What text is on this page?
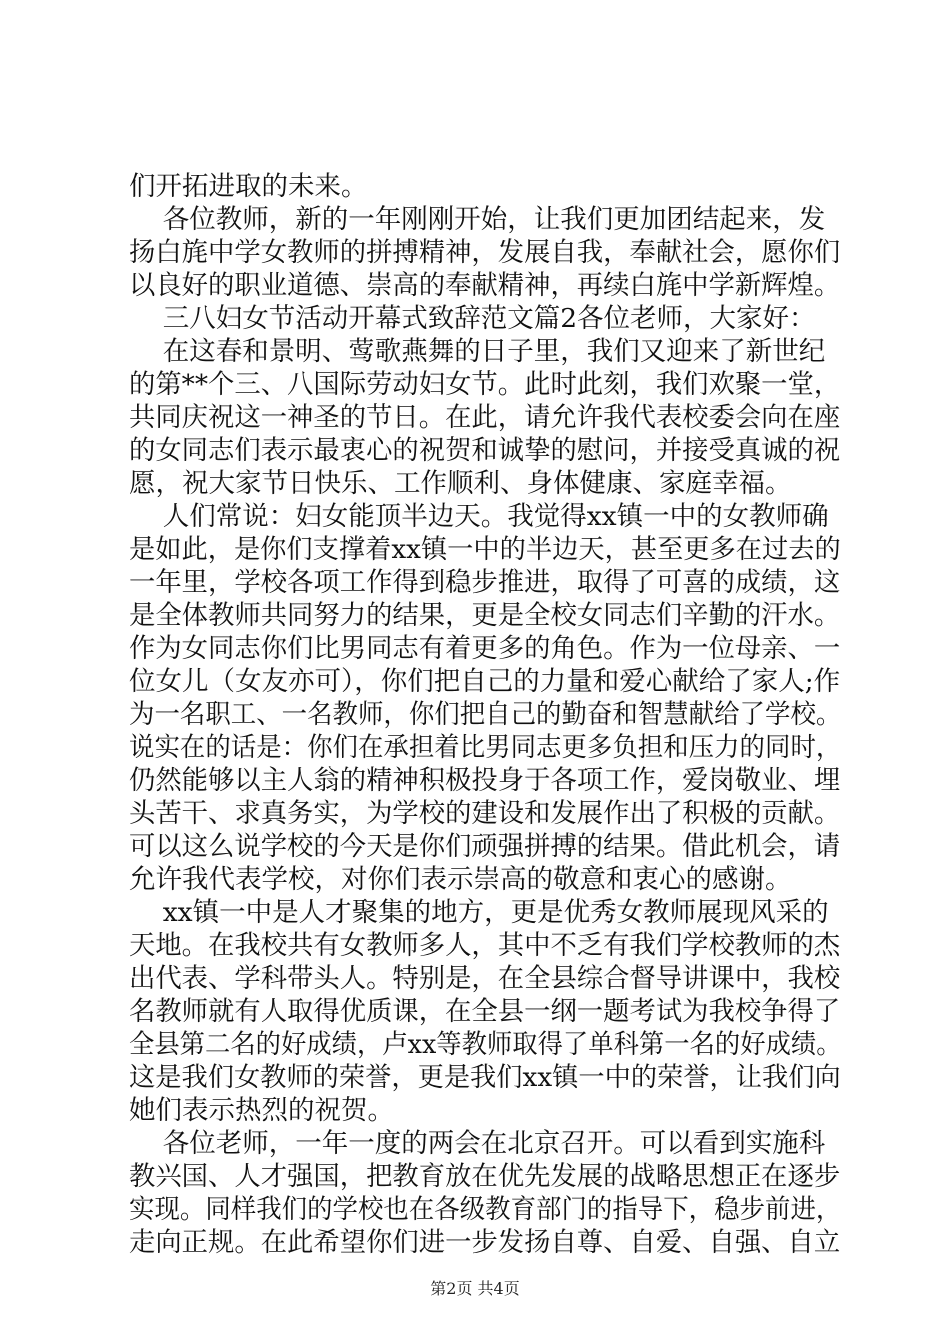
们开拓进取的未来。
各位教师，新的一年刚刚开始，让我们更加团结起来，发
扬白旄中学女教师的拼搏精神，发展自我，奉献社会，愿你们
以良好的职业道德、崇高的奉献精神，再续白旄中学新辉煌。
三八妇女节活动开幕式致辞范文篇2各位老师，大家好：
在这春和景明、莺歌燕舞的日子里，我们又迎来了新世纪
的第**个三、八国际劳动妇女节。此时此刻，我们欢聚一堂，
共同庆祝这一神圣的节日。在此，请允许我代表校委会向在座
的女同志们表示最衷心的祝贺和诚挚的慰问，并接受真诚的祝
愿，祝大家节日快乐、工作顺利、身体健康、家庭幸福。
人们常说：妇女能顶半边天。我觉得xx镇一中的女教师确
是如此，是你们支撑着xx镇一中的半边天，甚至更多在过去的
一年里，学校各项工作得到稳步推进，取得了可喜的成绩，这
是全体教师共同努力的结果，更是全校女同志们辛勤的汗水。
作为女同志你们比男同志有着更多的角色。作为一位母亲、一
位女儿（女友亦可），你们把自己的力量和爱心献给了家人;作
为一名职工、一名教师，你们把自己的勤奋和智慧献给了学校。
说实在的话是：你们在承担着比男同志更多负担和压力的同时，
仍然能够以主人翁的精神积极投身于各项工作，爱岗敬业、埋
头苦干、求真务实，为学校的建设和发展作出了积极的贡献。
可以这么说学校的今天是你们顽强拼搏的结果。借此机会，请
允许我代表学校，对你们表示崇高的敬意和衷心的感谢。
xx镇一中是人才聚集的地方，更是优秀女教师展现风采的
天地。在我校共有女教师多人，其中不乏有我们学校教师的杰
出代表、学科带头人。特别是，在全县综合督导讲课中，我校
名教师就有人取得优质课，在全县一纲一题考试为我校争得了
全县第二名的好成绩，卢xx等教师取得了单科第一名的好成绩。
这是我们女教师的荣誉，更是我们xx镇一中的荣誉，让我们向
她们表示热烈的祝贺。
各位老师，一年一度的两会在北京召开。可以看到实施科
教兴国、人才强国，把教育放在优先发展的战略思想正在逐步
实现。同样我们的学校也在各级教育部门的指导下，稳步前进，
走向正规。在此希望你们进一步发扬自尊、自爱、自强、自立
第2页 共4页
